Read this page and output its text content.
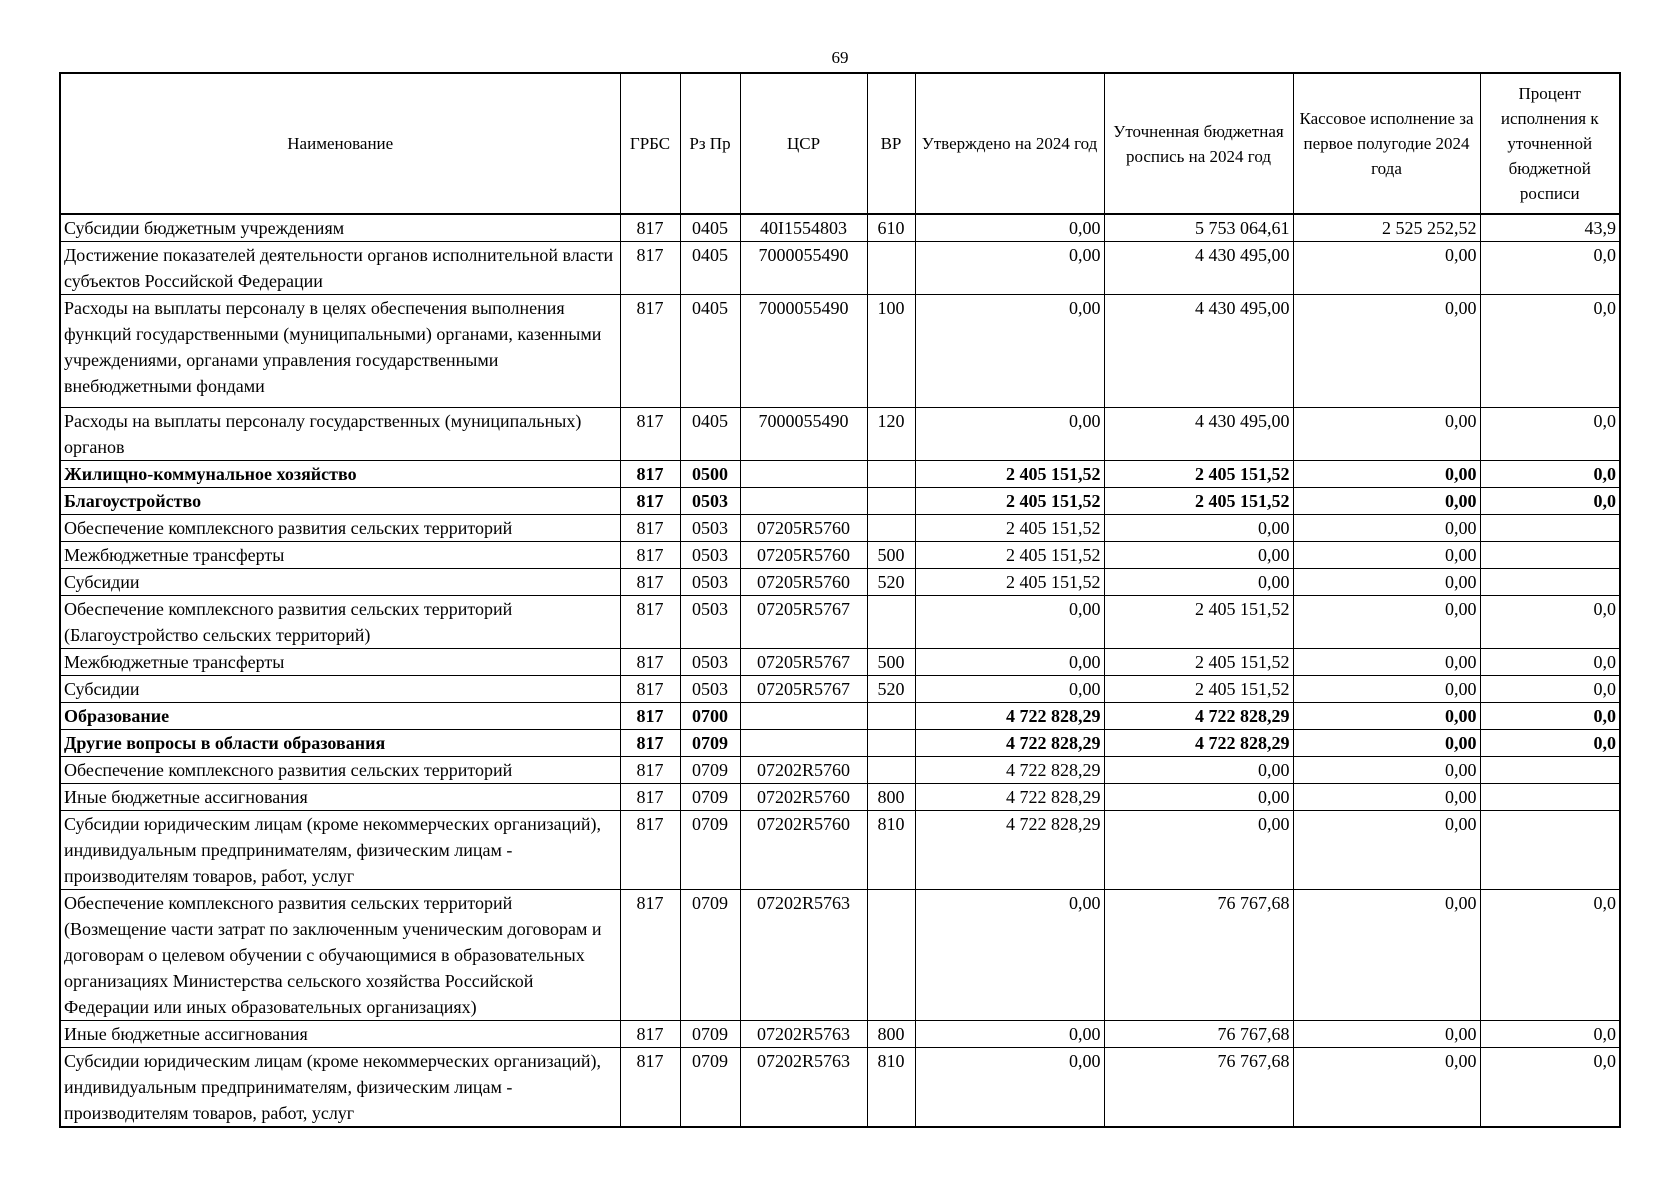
69
Наименование	ГРБС	Рз Пр	ЦСР	ВР	Утверждено на 2024 год	Уточненная бюджетная роспись на 2024 год	Кассовое исполнение за первое полугодие 2024 года	Процент исполнения к уточненной бюджетной росписи
Субсидии бюджетным учреждениям	817	0405	40I1554803	610	0,00	5 753 064,61	2 525 252,52	43,9
Достижение показателей деятельности органов исполнительной власти субъектов Российской Федерации	817	0405	7000055490		0,00	4 430 495,00	0,00	0,0
Расходы на выплаты персоналу в целях обеспечения выполнения функций государственными (муниципальными) органами, казенными учреждениями, органами управления государственными внебюджетными фондами	817	0405	7000055490	100	0,00	4 430 495,00	0,00	0,0
Расходы на выплаты персоналу государственных (муниципальных) органов	817	0405	7000055490	120	0,00	4 430 495,00	0,00	0,0
Жилищно-коммунальное хозяйство	817	0500			2 405 151,52	2 405 151,52	0,00	0,0
Благоустройство	817	0503			2 405 151,52	2 405 151,52	0,00	0,0
Обеспечение комплексного развития сельских территорий	817	0503	07205R5760		2 405 151,52	0,00	0,00	
Межбюджетные трансферты	817	0503	07205R5760	500	2 405 151,52	0,00	0,00	
Субсидии	817	0503	07205R5760	520	2 405 151,52	0,00	0,00	
Обеспечение комплексного развития сельских территорий (Благоустройство сельских территорий)	817	0503	07205R5767		0,00	2 405 151,52	0,00	0,0
Межбюджетные трансферты	817	0503	07205R5767	500	0,00	2 405 151,52	0,00	0,0
Субсидии	817	0503	07205R5767	520	0,00	2 405 151,52	0,00	0,0
Образование	817	0700			4 722 828,29	4 722 828,29	0,00	0,0
Другие вопросы в области образования	817	0709			4 722 828,29	4 722 828,29	0,00	0,0
Обеспечение комплексного развития сельских территорий	817	0709	07202R5760		4 722 828,29	0,00	0,00	
Иные бюджетные ассигнования	817	0709	07202R5760	800	4 722 828,29	0,00	0,00	
Субсидии юридическим лицам (кроме некоммерческих организаций), индивидуальным предпринимателям, физическим лицам - производителям товаров, работ, услуг	817	0709	07202R5760	810	4 722 828,29	0,00	0,00	
Обеспечение комплексного развития сельских территорий (Возмещение части затрат по заключенным ученическим договорам и договорам о целевом обучении с обучающимися в образовательных организациях Министерства сельского хозяйства Российской Федерации или иных образовательных организациях)	817	0709	07202R5763		0,00	76 767,68	0,00	0,0
Иные бюджетные ассигнования	817	0709	07202R5763	800	0,00	76 767,68	0,00	0,0
Субсидии юридическим лицам (кроме некоммерческих организаций), индивидуальным предпринимателям, физическим лицам - производителям товаров, работ, услуг	817	0709	07202R5763	810	0,00	76 767,68	0,00	0,0
